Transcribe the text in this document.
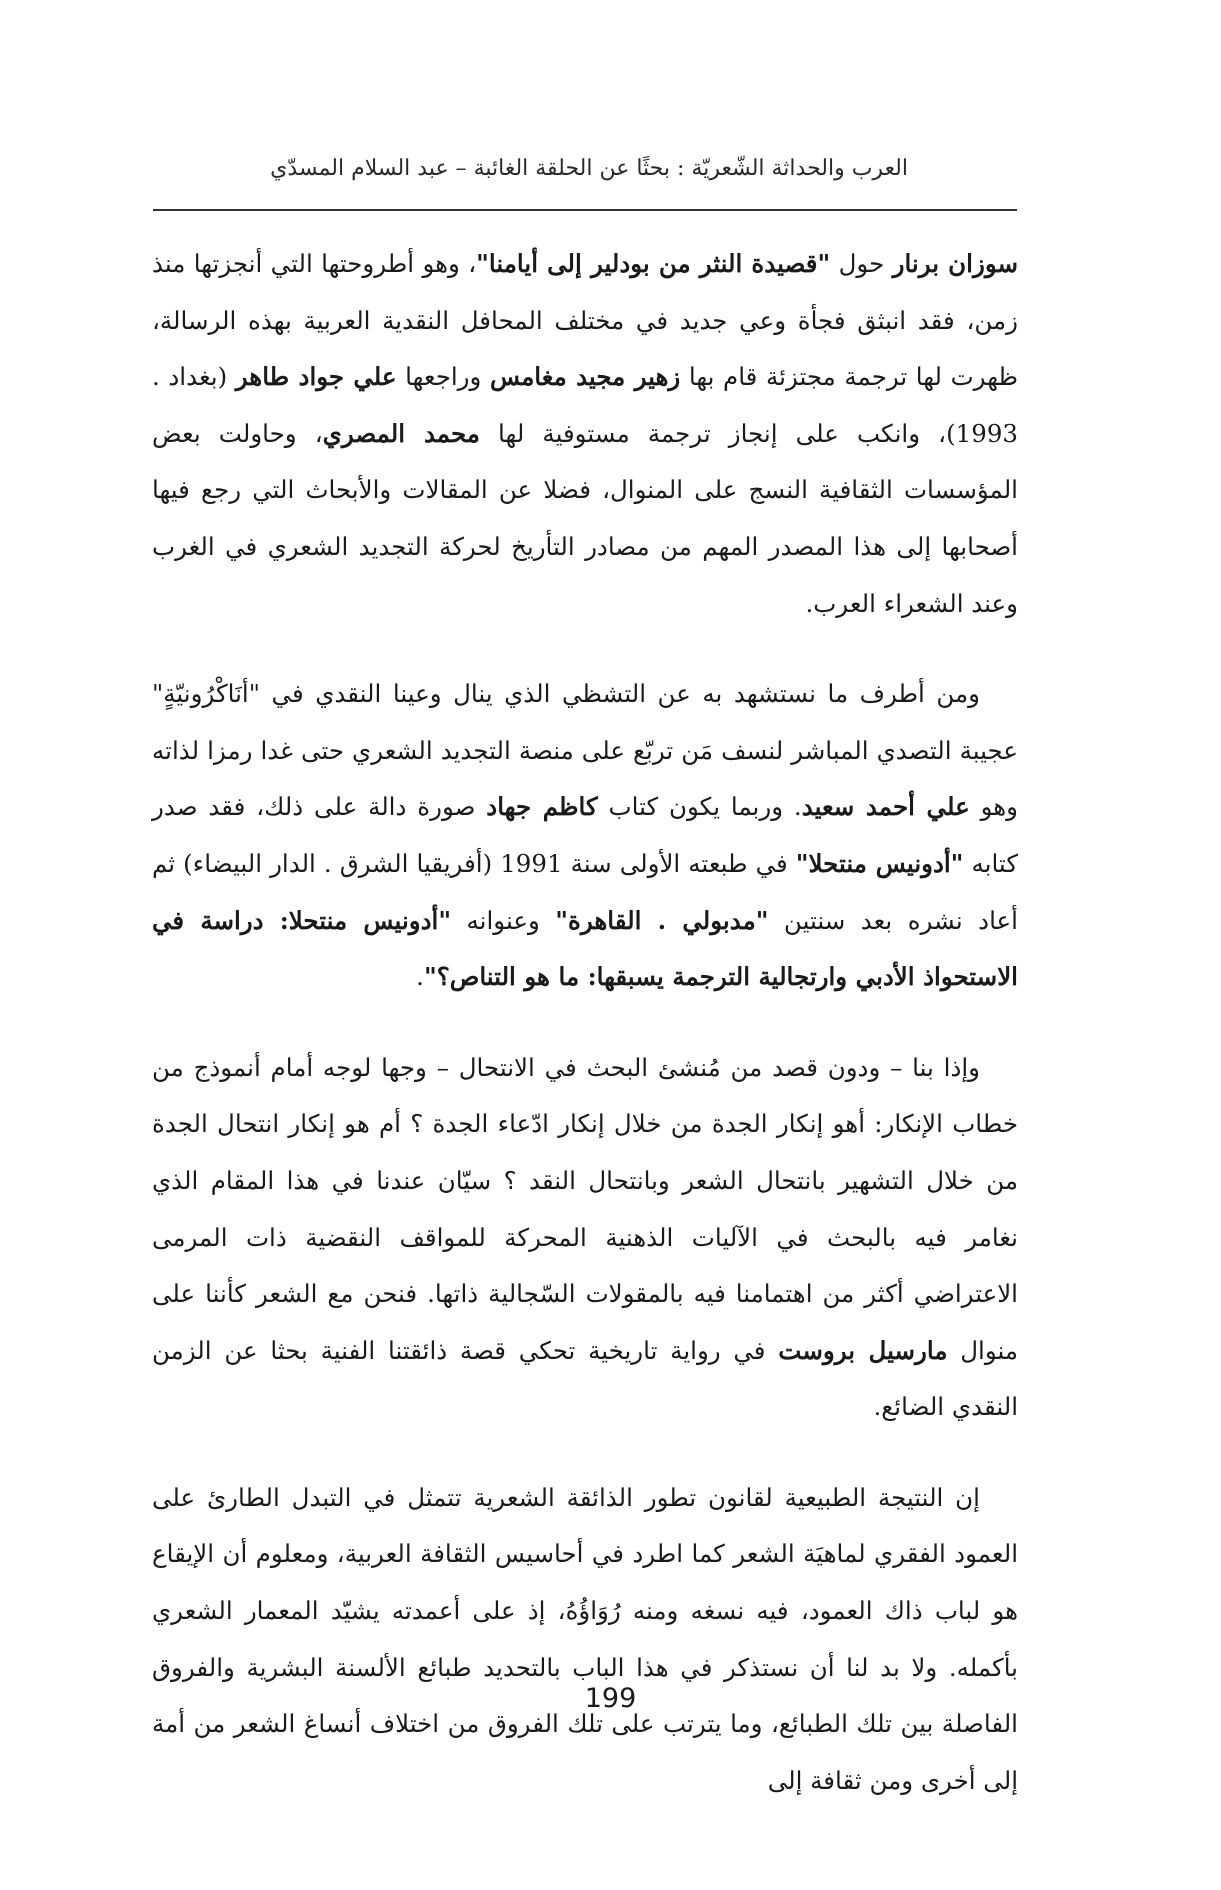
العرب والحداثة الشّعريّة : بحثًا عن الحلقة الغائبة – عبد السلام المسدّي

سوزان برنار حول "قصيدة النثر من بودلير إلى أيامنا"، وهو أطروحتها التي أنجزتها منذ زمن، فقد انبثق فجأة وعي جديد في مختلف المحافل النقدية العربية بهذه الرسالة، ظهرت لها ترجمة مجتزئة قام بها زهير مجيد مغامس وراجعها علي جواد طاهر (بغداد . 1993)، وانكب على إنجاز ترجمة مستوفية لها محمد المصري، وحاولت بعض المؤسسات الثقافية النسج على المنوال، فضلا عن المقالات والأبحاث التي رجع فيها أصحابها إلى هذا المصدر المهم من مصادر التأريخ لحركة التجديد الشعري في الغرب وعند الشعراء العرب.

ومن أطرف ما نستشهد به عن التشظي الذي ينال وعينا النقدي في "أنَاكْرُونيّةٍ" عجيبة التصدي المباشر لنسف مَن تربّع على منصة التجديد الشعري حتى غدا رمزا لذاته وهو علي أحمد سعيد. وربما يكون كتاب كاظم جهاد صورة دالة على ذلك، فقد صدر كتابه "أدونيس منتحلا" في طبعته الأولى سنة 1991 (أفريقيا الشرق . الدار البيضاء) ثم أعاد نشره بعد سنتين "مدبولي . القاهرة" وعنوانه "أدونيس منتحلا: دراسة في الاستحواذ الأدبي وارتجالية الترجمة يسبقها: ما هو التناص؟".

وإذا بنا – ودون قصد من مُنشئ البحث في الانتحال – وجها لوجه أمام أنموذج من خطاب الإنكار: أهو إنكار الجدة من خلال إنكار ادّعاء الجدة ؟ أم هو إنكار انتحال الجدة من خلال التشهير بانتحال الشعر وبانتحال النقد ؟ سيّان عندنا في هذا المقام الذي نغامر فيه بالبحث في الآليات الذهنية المحركة للمواقف النقضية ذات المرمى الاعتراضي أكثر من اهتمامنا فيه بالمقولات السّجالية ذاتها. فنحن مع الشعر كأننا على منوال مارسيل بروست في رواية تاريخية تحكي قصة ذائقتنا الفنية بحثا عن الزمن النقدي الضائع.

إن النتيجة الطبيعية لقانون تطور الذائقة الشعرية تتمثل في التبدل الطارئ على العمود الفقري لماهيَة الشعر كما اطرد في أحاسيس الثقافة العربية، ومعلوم أن الإيقاع هو لباب ذاك العمود، فيه نسغه ومنه رُوَاؤُهُ، إذ على أعمدته يشيّد المعمار الشعري بأكمله. ولا بد لنا أن نستذكر في هذا الباب بالتحديد طبائع الألسنة البشرية والفروق الفاصلة بين تلك الطبائع، وما يترتب على تلك الفروق من اختلاف أنساغ الشعر من أمة إلى أخرى ومن ثقافة إلى

199
